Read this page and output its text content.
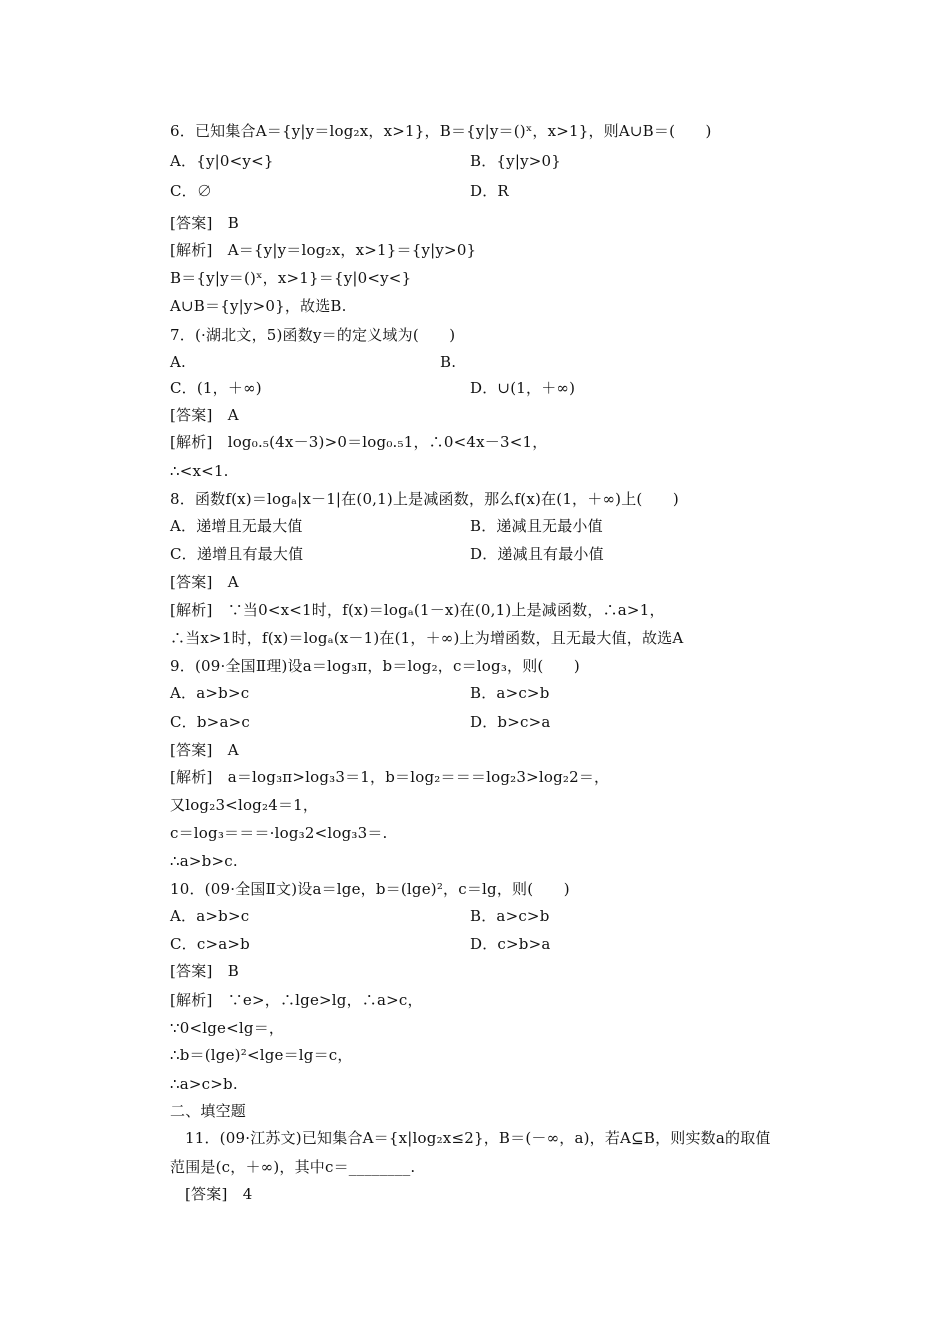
6．已知集合A＝{y|y＝log₂x，x>1}，B＝{y|y＝()ˣ，x>1}，则A∪B＝(　　)
A．{y|0<y<}	B．{y|y>0}
C．∅	D．R
[答案]　B
[解析]　A＝{y|y＝log₂x，x>1}＝{y|y>0}
B＝{y|y＝()ˣ，x>1}＝{y|0<y<}
A∪B＝{y|y>0}，故选B.
7．(·湖北文，5)函数y＝的定义域为(　　)
A.	B.
C．(1，＋∞)	D．∪(1，＋∞)
[答案]　A
[解析]　log₀.₅(4x－3)>0＝log₀.₅1，∴0<4x－3<1，
∴<x<1.
8．函数f(x)＝logₐ|x－1|在(0,1)上是减函数，那么f(x)在(1，＋∞)上(　　)
A．递增且无最大值	B．递减且无最小值
C．递增且有最大值	D．递减且有最小值
[答案]　A
[解析]　∵当0<x<1时，f(x)＝logₐ(1－x)在(0,1)上是减函数，∴a>1，
∴当x>1时，f(x)＝logₐ(x－1)在(1，＋∞)上为增函数，且无最大值，故选A
9．(09·全国Ⅱ理)设a＝log₃π，b＝log₂，c＝log₃，则(　　)
A．a>b>c	B．a>c>b
C．b>a>c	D．b>c>a
[答案]　A
[解析]　a＝log₃π>log₃3＝1，b＝log₂＝＝＝log₂3>log₂2＝，
又log₂3<log₂4＝1，
c＝log₃＝＝＝·log₃2<log₃3＝.
∴a>b>c.
10．(09·全国Ⅱ文)设a＝lge，b＝(lge)²，c＝lg，则(　　)
A．a>b>c	B．a>c>b
C．c>a>b	D．c>b>a
[答案]　B
[解析]　∵e>，∴lge>lg，∴a>c，
∵0<lge<lg＝，
∴b＝(lge)²<lge＝lg＝c，
∴a>c>b.
二、填空题
11．(09·江苏文)已知集合A＝{x|log₂x≤2}，B＝(－∞，a)，若A⊆B，则实数a的取值
范围是(c，＋∞)，其中c＝________.
[答案]　4
